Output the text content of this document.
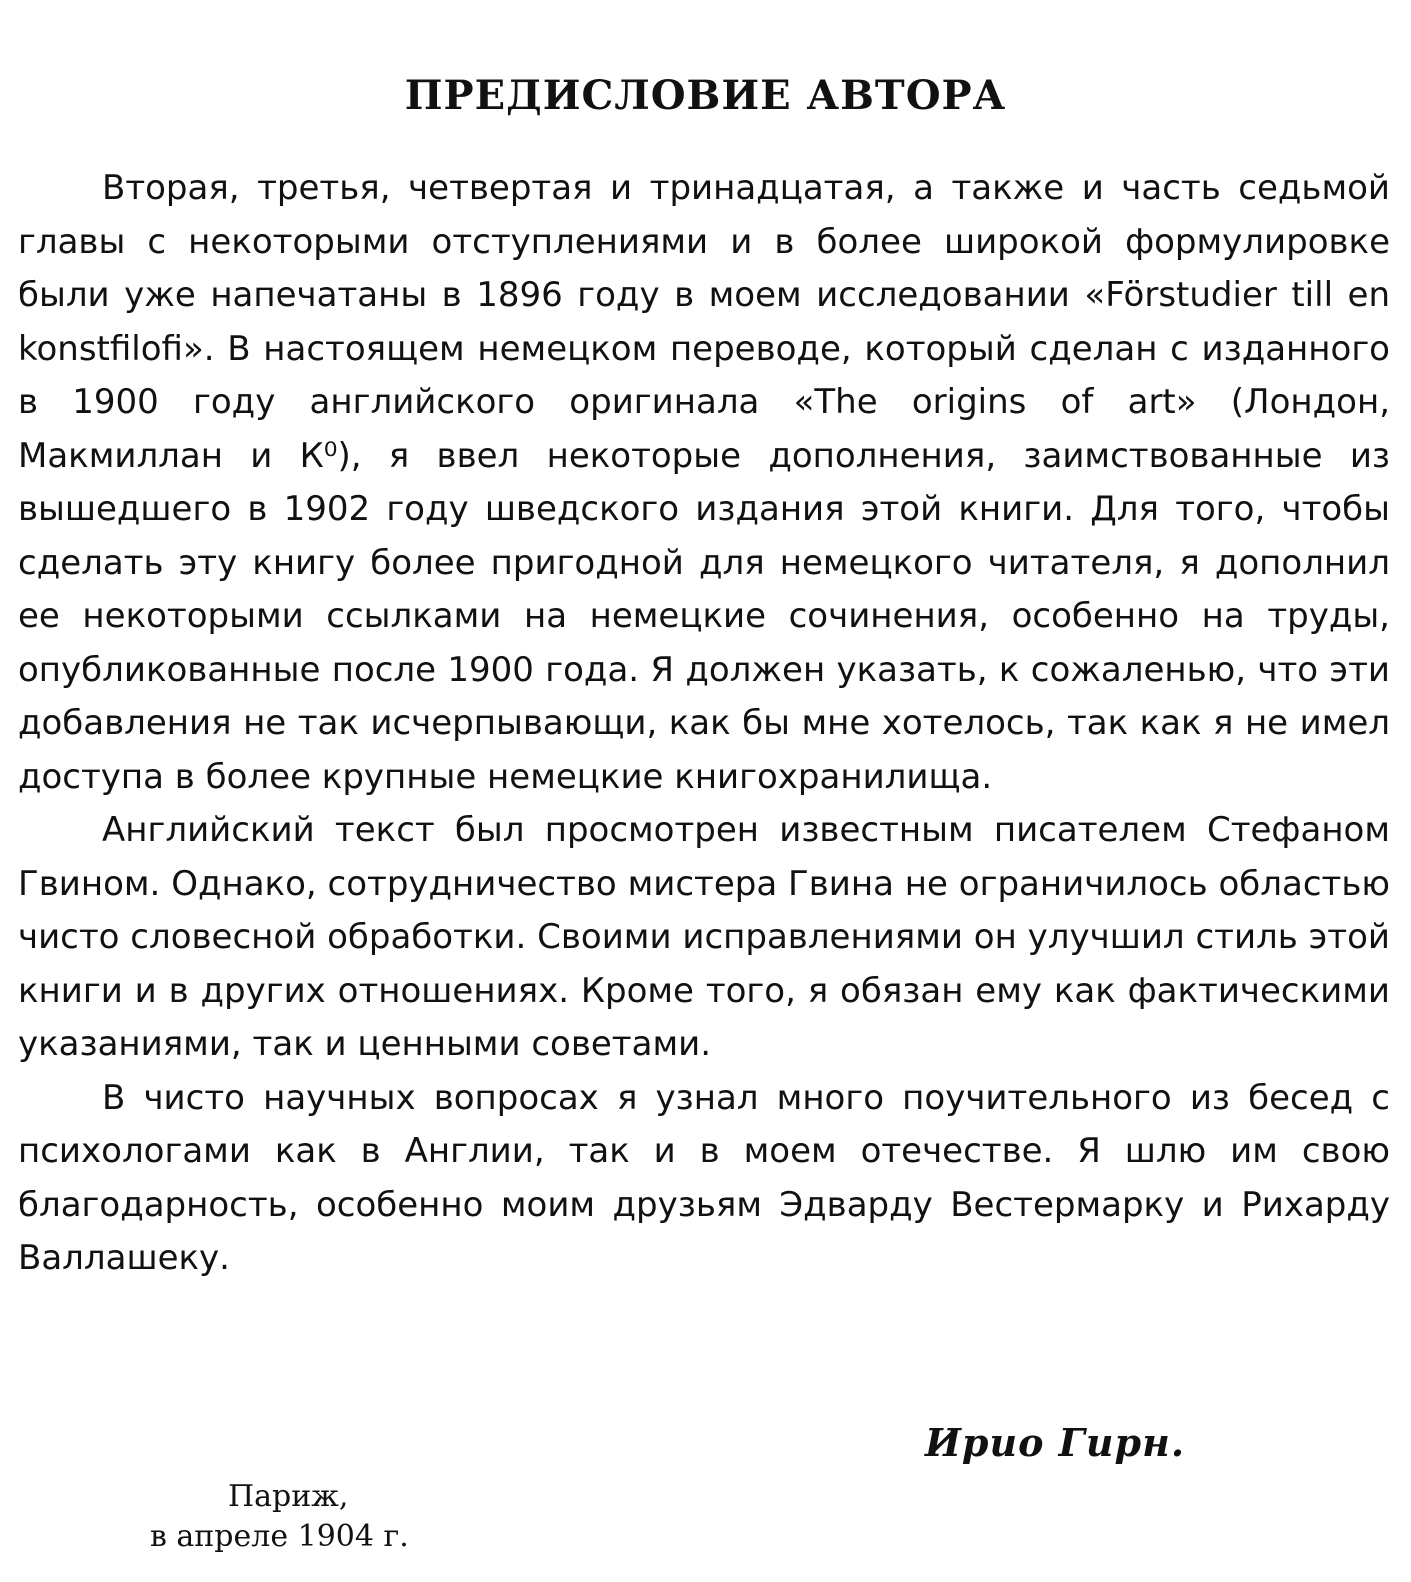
ПРЕДИСЛОВИЕ АВТОРА

Вторая, третья, четвертая и тринадцатая, а также и часть седьмой главы с некоторыми отступлениями и в более широкой формулировке были уже напечатаны в 1896 году в моем исследовании «Förstudier till en konstfilofi». В настоящем немецком переводе, который сделан с изданного в 1900 году английского оригинала «The origins of art» (Лондон, Макмиллан и К⁰), я ввел некоторые дополнения, заимствованные из вышедшего в 1902 году шведского издания этой книги. Для того, чтобы сделать эту книгу более пригодной для немецкого читателя, я дополнил ее некоторыми ссылками на немецкие сочинения, особенно на труды, опубликованные после 1900 года. Я должен указать, к сожаленью, что эти добавления не так исчерпывающи, как бы мне хотелось, так как я не имел доступа в более крупные немецкие книгохранилища.

Английский текст был просмотрен известным писателем Стефаном Гвином. Однако, сотрудничество мистера Гвина не ограничилось областью чисто словесной обработки. Своими исправлениями он улучшил стиль этой книги и в других отношениях. Кроме того, я обязан ему как фактическими указаниями, так и ценными советами.

В чисто научных вопросах я узнал много поучительного из бесед с психологами как в Англии, так и в моем отечестве. Я шлю им свою благодарность, особенно моим друзьям Эдварду Вестермарку и Рихарду Валлашеку.

Ирио Гирн.
Париж,
в апреле 1904 г.
